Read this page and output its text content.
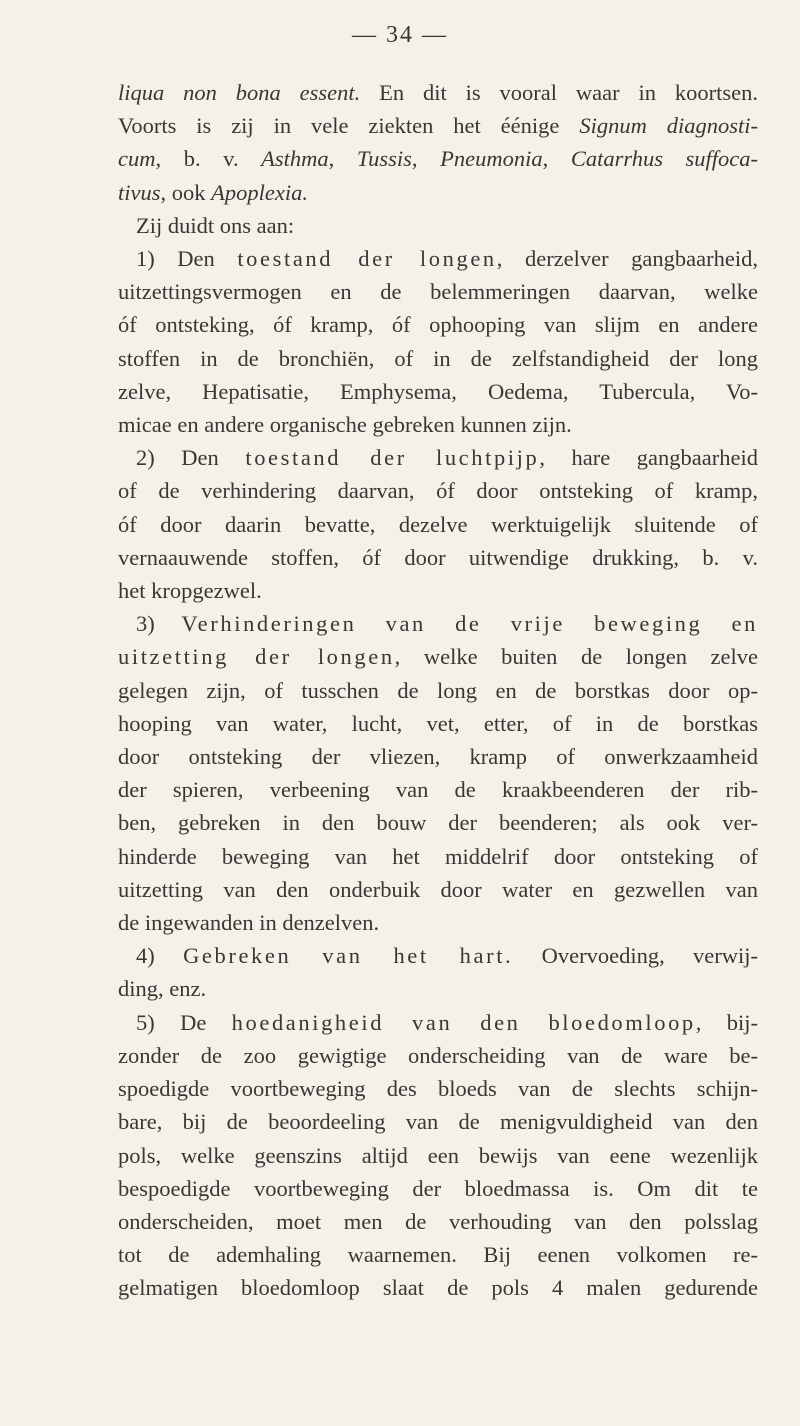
— 34 —
liqua non bona essent. En dit is vooral waar in koortsen.
Voorts is zij in vele ziekten het éénige Signum diagnosti-
cum, b. v. Asthma, Tussis, Pneumonia, Catarrhus suffoca-
tivus, ook Apoplexia.
Zij duidt ons aan:
1) Den toestand der longen, derzelver gangbaarheid,
uitzettingsvermogen en de belemmeringen daarvan, welke
óf ontsteking, óf kramp, óf ophooping van slijm en andere
stoffen in de bronchiën, of in de zelfstandigheid der long
zelve, Hepatisatie, Emphysema, Oedema, Tubercula, Vo-
micae en andere organische gebreken kunnen zijn.
2) Den toestand der luchtpijp, hare gangbaarheid
of de verhindering daarvan, óf door ontsteking of kramp,
óf door daarin bevatte, dezelve werktuigelijk sluitende of
vernaauwende stoffen, óf door uitwendige drukking, b. v.
het kropgezwel.
3) Verhinderingen van de vrije beweging en
uitzetting der longen, welke buiten de longen zelve
gelegen zijn, of tusschen de long en de borstkas door op-
hooping van water, lucht, vet, etter, of in de borstkas
door ontsteking der vliezen, kramp of onwerkzaamheid
der spieren, verbeening van de kraakbeenderen der rib-
ben, gebreken in den bouw der beenderen; als ook ver-
hinderde beweging van het middelrif door ontsteking of
uitzetting van den onderbuik door water en gezwellen van
de ingewanden in denzelven.
4) Gebreken van het hart. Overvoeding, verwij-
ding, enz.
5) De hoedanigheid van den bloedomloop, bij-
zonder de zoo gewigtige onderscheiding van de ware be-
spoedigde voortbeweging des bloeds van de slechts schijn-
bare, bij de beoordeeling van de menigvuldigheid van den
pols, welke geenszins altijd een bewijs van eene wezenlijk
bespoedigde voortbeweging der bloedmassa is. Om dit te
onderscheiden, moet men de verhouding van den polsslag
tot de ademhaling waarnemen. Bij eenen volkomen re-
gelmatigen bloedomloop slaat de pols 4 malen gedurende
